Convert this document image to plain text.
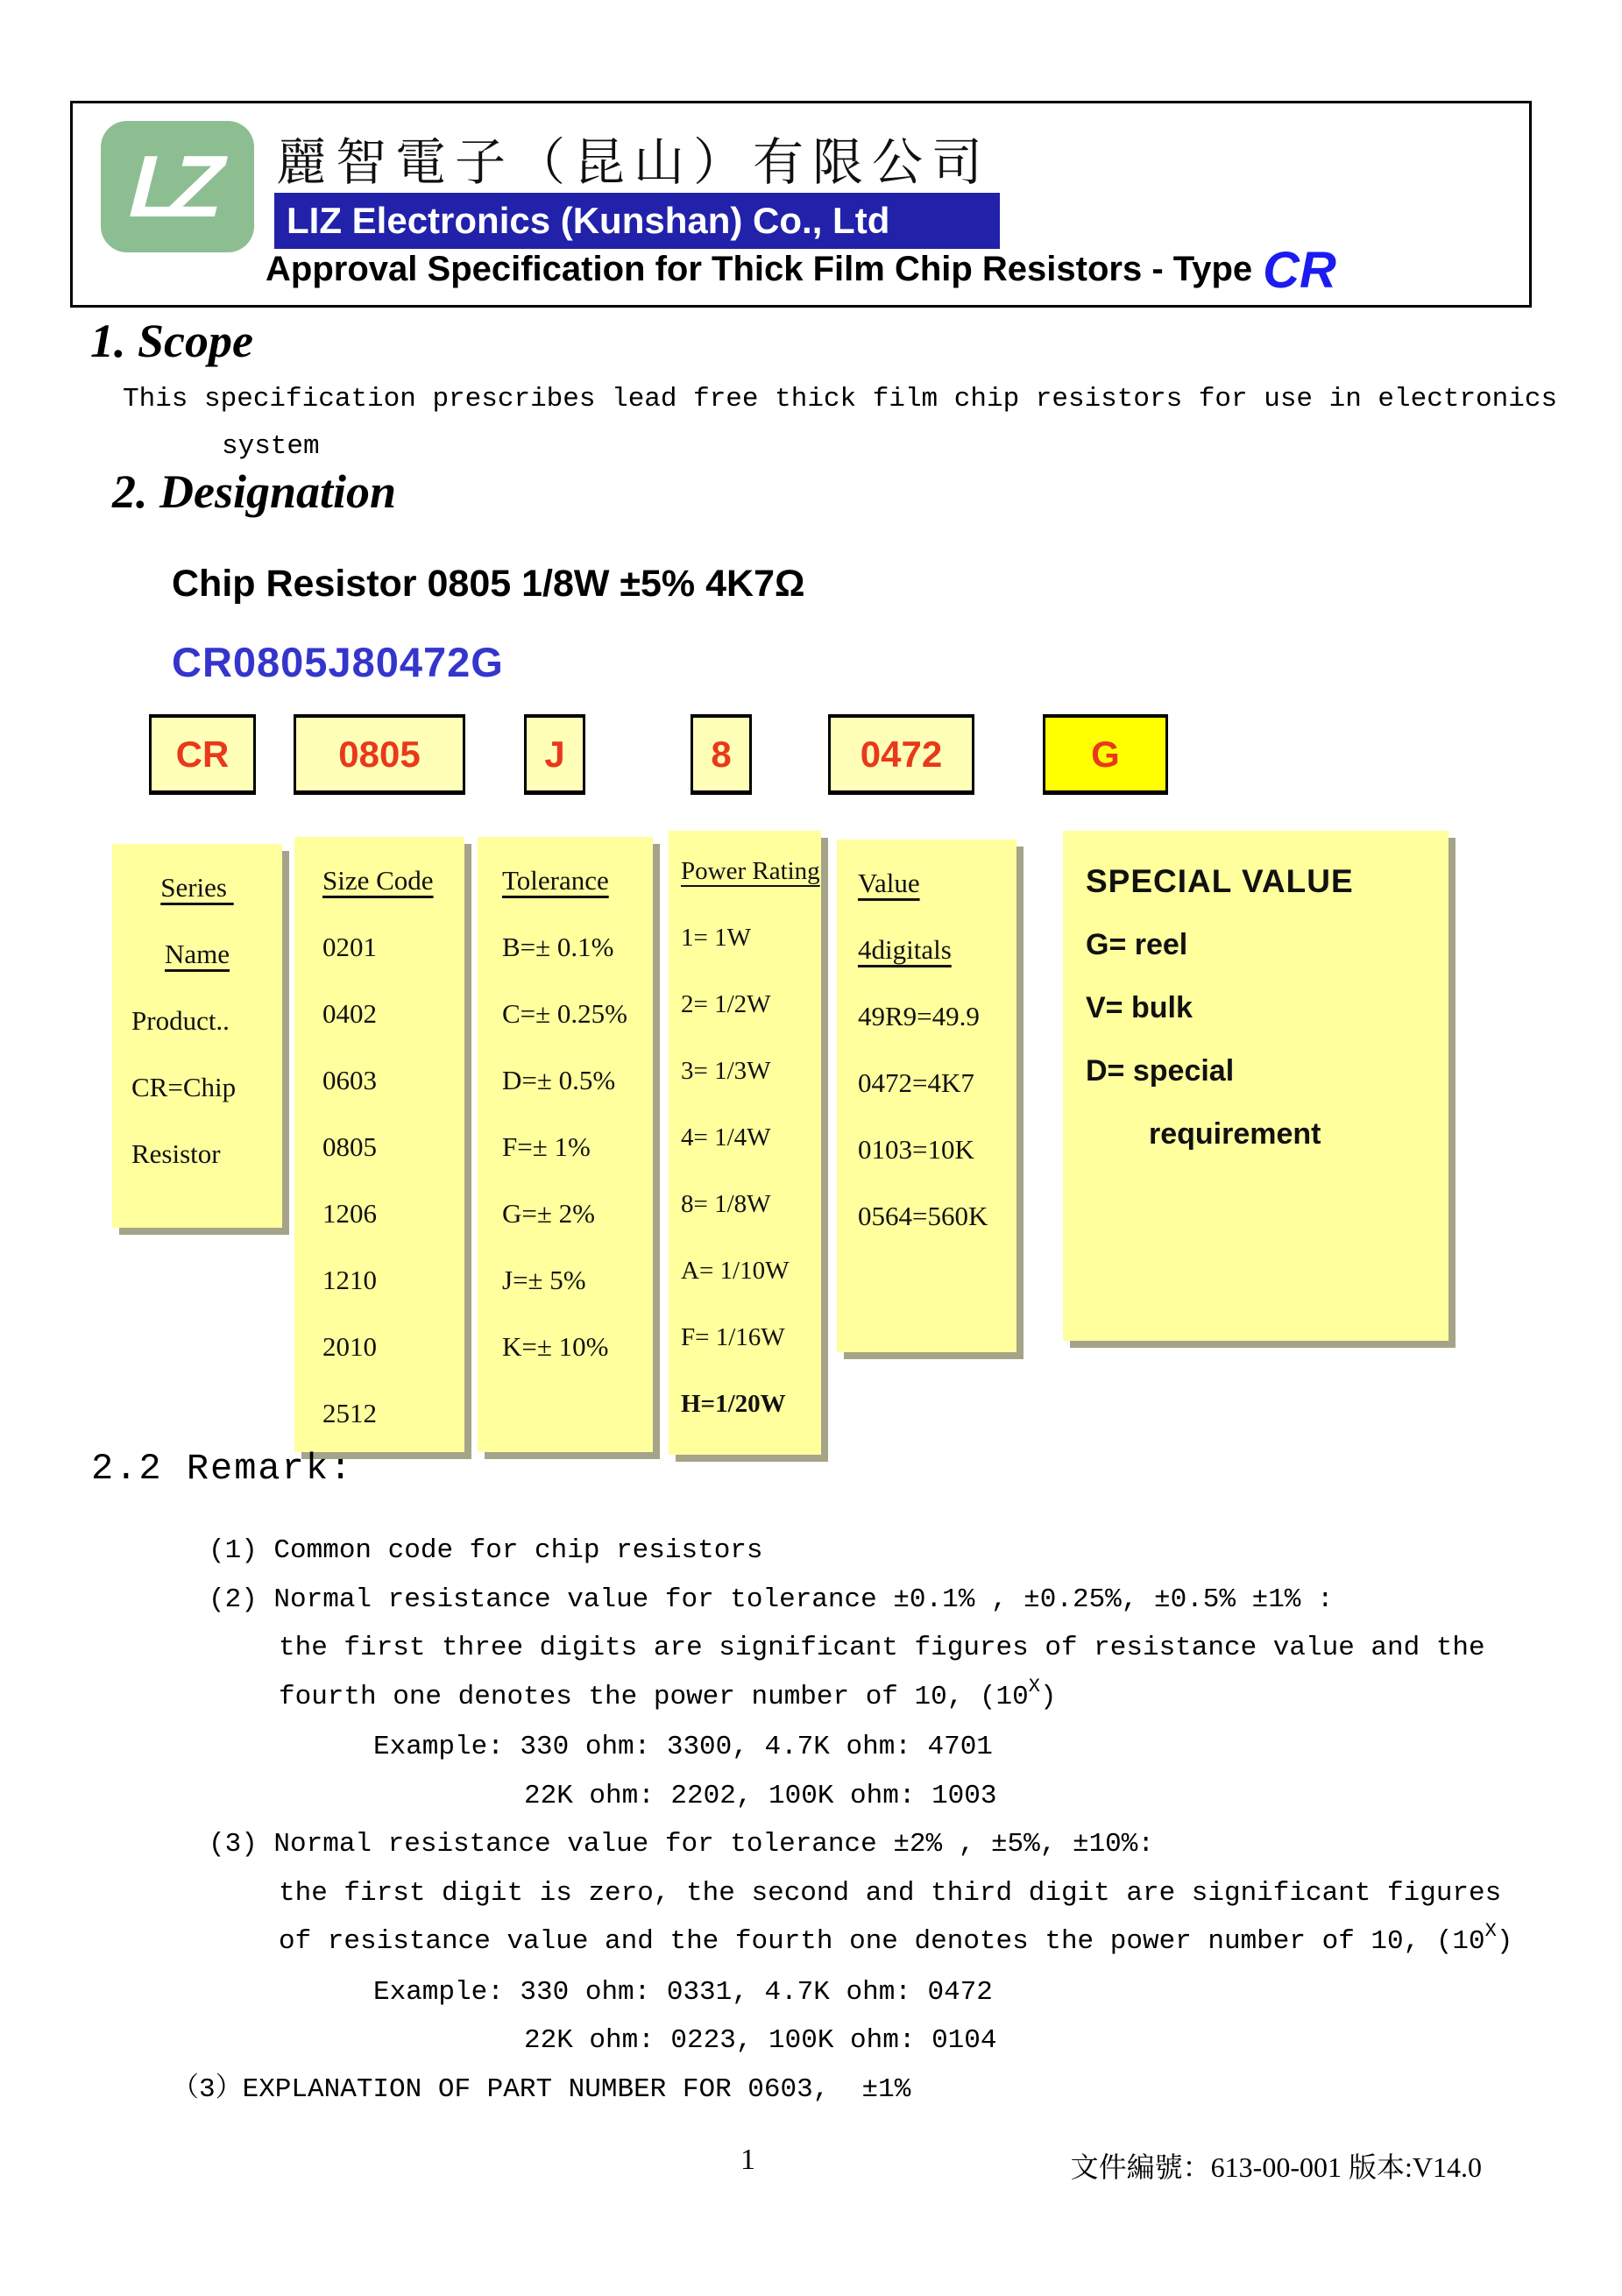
LZ 麗智電子（昆山）有限公司
LIZ Electronics (Kunshan) Co., Ltd
Approval Specification for Thick Film Chip Resistors - Type CR
1. Scope
This specification prescribes lead free thick film chip resistors for use in electronics
system
2. Designation
Chip Resistor 0805 1/8W ±5% 4K7Ω
CR0805J80472G
CR	0805	J	8	0472	G
Series
Name
Product..
CR=Chip
Resistor
Size Code
0201
0402
0603
0805
1206
1210
2010
2512
Tolerance
B=± 0.1%
C=± 0.25%
D=± 0.5%
F=± 1%
G=± 2%
J=± 5%
K=± 10%
Power Rating
1= 1W
2= 1/2W
3= 1/3W
4= 1/4W
8= 1/8W
A= 1/10W
F= 1/16W
H=1/20W
Value
4digitals
49R9=49.9
0472=4K7
0103=10K
0564=560K
SPECIAL VALUE
G= reel
V= bulk
D= special
requirement
2.2 Remark:
(1) Common code for chip resistors
(2) Normal resistance value for tolerance ±0.1% , ±0.25%, ±0.5% ±1% :
the first three digits are significant figures of resistance value and the
fourth one denotes the power number of 10, $(10^X)$
Example: 330 ohm: 3300, 4.7K ohm: 4701
22K ohm: 2202, 100K ohm: 1003
(3) Normal resistance value for tolerance ±2% , ±5%, ±10%:
the first digit is zero, the second and third digit are significant figures
of resistance value and the fourth one denotes the power number of 10, $(10^X)$
Example: 330 ohm: 0331, 4.7K ohm: 0472
22K ohm: 0223, 100K ohm: 0104
（3）EXPLANATION OF PART NUMBER FOR 0603,  ±1%
1	文件編號：613-00-001 版本:V14.0
